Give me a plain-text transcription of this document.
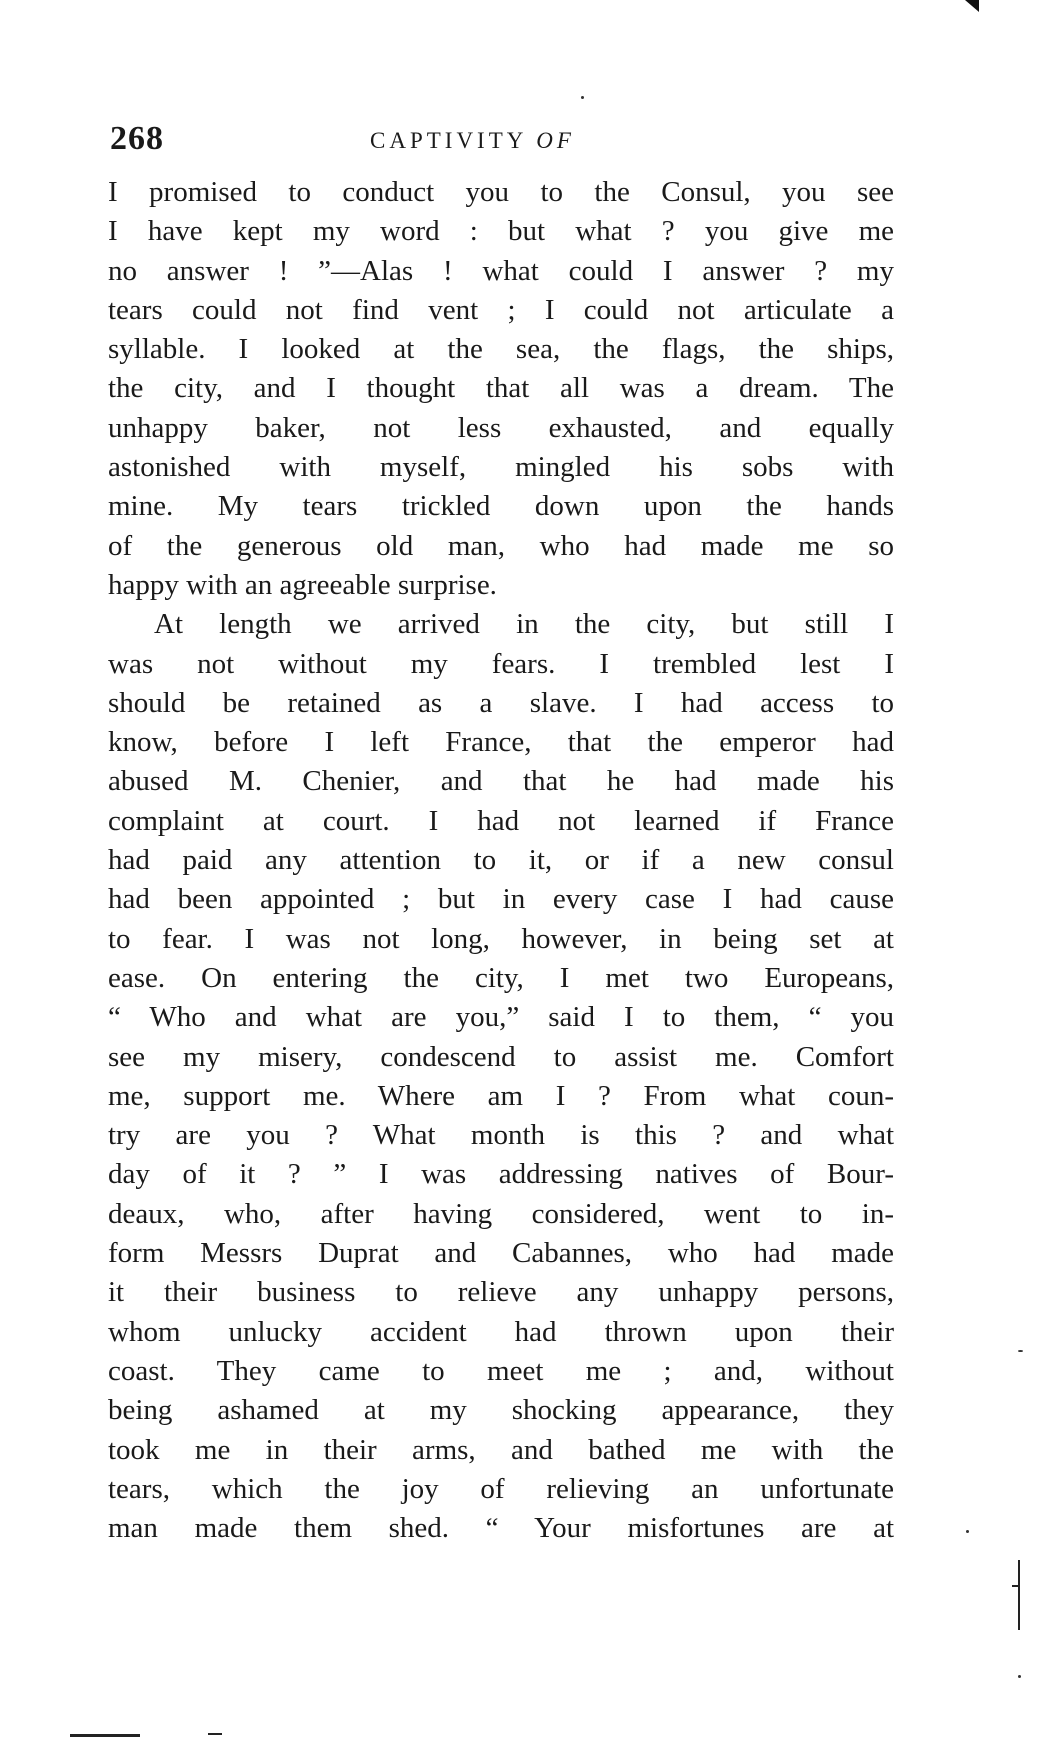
268	CAPTIVITY OF
I promised to conduct you to the Consul, you see
I have kept my word : but what ? you give me
no answer ! ”—Alas ! what could I answer ? my
tears could not find vent ; I could not articulate a
syllable. I looked at the sea, the flags, the ships,
the city, and I thought that all was a dream. The
unhappy baker, not less exhausted, and equally
astonished with myself, mingled his sobs with
mine. My tears trickled down upon the hands
of the generous old man, who had made me so
happy with an agreeable surprise.
At length we arrived in the city, but still I
was not without my fears. I trembled lest I
should be retained as a slave. I had access to
know, before I left France, that the emperor had
abused M. Chenier, and that he had made his
complaint at court. I had not learned if France
had paid any attention to it, or if a new consul
had been appointed ; but in every case I had cause
to fear. I was not long, however, in being set at
ease. On entering the city, I met two Europeans,
“ Who and what are you,” said I to them, “ you
see my misery, condescend to assist me. Comfort
me, support me. Where am I ? From what coun-
try are you ? What month is this ? and what
day of it ? ” I was addressing natives of Bour-
deaux, who, after having considered, went to in-
form Messrs Duprat and Cabannes, who had made
it their business to relieve any unhappy persons,
whom unlucky accident had thrown upon their
coast. They came to meet me ; and, without
being ashamed at my shocking appearance, they
took me in their arms, and bathed me with the
tears, which the joy of relieving an unfortunate
man made them shed. “ Your misfortunes are at
